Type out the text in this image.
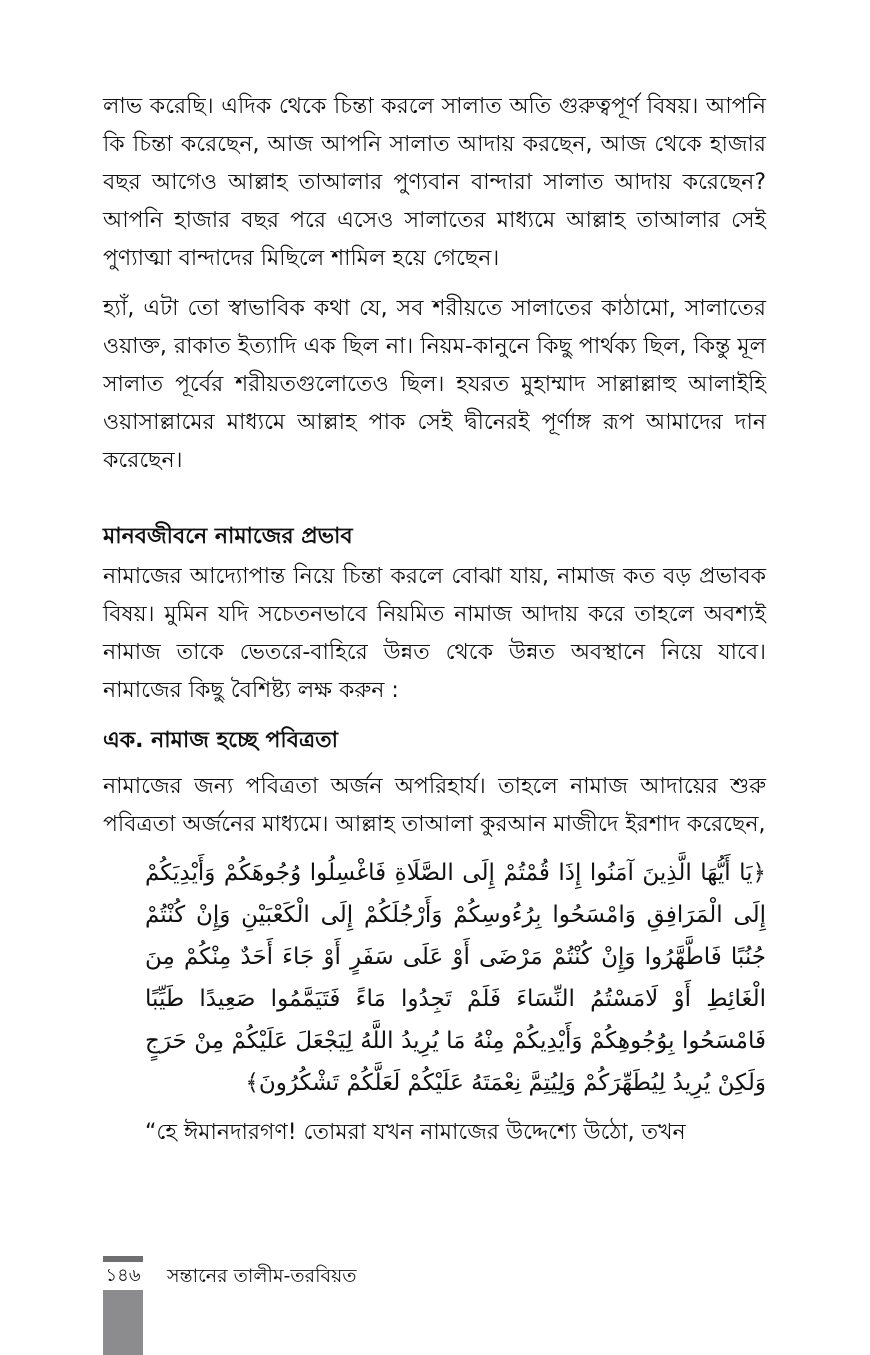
লাভ করেছি। এদিক থেকে চিন্তা করলে সালাত অতি গুরুত্বপূর্ণ বিষয়। আপনি কি চিন্তা করেছেন, আজ আপনি সালাত আদায় করছেন, আজ থেকে হাজার বছর আগেও আল্লাহ তাআলার পুণ্যবান বান্দারা সালাত আদায় করেছেন? আপনি হাজার বছর পরে এসেও সালাতের মাধ্যমে আল্লাহ তাআলার সেই পুণ্যাত্মা বান্দাদের মিছিলে শামিল হয়ে গেছেন।

হ্যাঁ, এটা তো স্বাভাবিক কথা যে, সব শরীয়তে সালাতের কাঠামো, সালাতের ওয়াক্ত, রাকাত ইত্যাদি এক ছিল না। নিয়ম-কানুনে কিছু পার্থক্য ছিল, কিন্তু মূল সালাত পূর্বের শরীয়তগুলোতেও ছিল। হযরত মুহাম্মাদ সাল্লাল্লাহু আলাইহি ওয়াসাল্লামের মাধ্যমে আল্লাহ পাক সেই দ্বীনেরই পূর্ণাঙ্গ রূপ আমাদের দান করেছেন।

মানবজীবনে নামাজের প্রভাব

নামাজের আদ্যোপান্ত নিয়ে চিন্তা করলে বোঝা যায়, নামাজ কত বড় প্রভাবক বিষয়। মুমিন যদি সচেতনভাবে নিয়মিত নামাজ আদায় করে তাহলে অবশ্যই নামাজ তাকে ভেতরে-বাহিরে উন্নত থেকে উন্নত অবস্থানে নিয়ে যাবে। নামাজের কিছু বৈশিষ্ট্য লক্ষ করুন :

এক. নামাজ হচ্ছে পবিত্রতা

নামাজের জন্য পবিত্রতা অর্জন অপরিহার্য। তাহলে নামাজ আদায়ের শুরু পবিত্রতা অর্জনের মাধ্যমে। আল্লাহ তাআলা কুরআন মাজীদে ইরশাদ করেছেন,

﴿يَا أَيُّهَا الَّذِينَ آمَنُوا إِذَا قُمْتُمْ إِلَى الصَّلَاةِ فَاغْسِلُوا وُجُوهَكُمْ وَأَيْدِيَكُمْ إِلَى الْمَرَافِقِ وَامْسَحُوا بِرُءُوسِكُمْ وَأَرْجُلَكُمْ إِلَى الْكَعْبَيْنِ وَإِنْ كُنْتُمْ جُنُبًا فَاطَّهَّرُوا وَإِنْ كُنْتُمْ مَرْضَى أَوْ عَلَى سَفَرٍ أَوْ جَاءَ أَحَدٌ مِنْكُمْ مِنَ الْغَائِطِ أَوْ لَامَسْتُمُ النِّسَاءَ فَلَمْ تَجِدُوا مَاءً فَتَيَمَّمُوا صَعِيدًا طَيِّبًا فَامْسَحُوا بِوُجُوهِكُمْ وَأَيْدِيكُمْ مِنْهُ مَا يُرِيدُ اللَّهُ لِيَجْعَلَ عَلَيْكُمْ مِنْ حَرَجٍ وَلَكِنْ يُرِيدُ لِيُطَهِّرَكُمْ وَلِيُتِمَّ نِعْمَتَهُ عَلَيْكُمْ لَعَلَّكُمْ تَشْكُرُونَ﴾

“হে ঈমানদারগণ! তোমরা যখন নামাজের উদ্দেশ্যে উঠো, তখন

১৪৬ সন্তানের তালীম-তরবিয়ত
